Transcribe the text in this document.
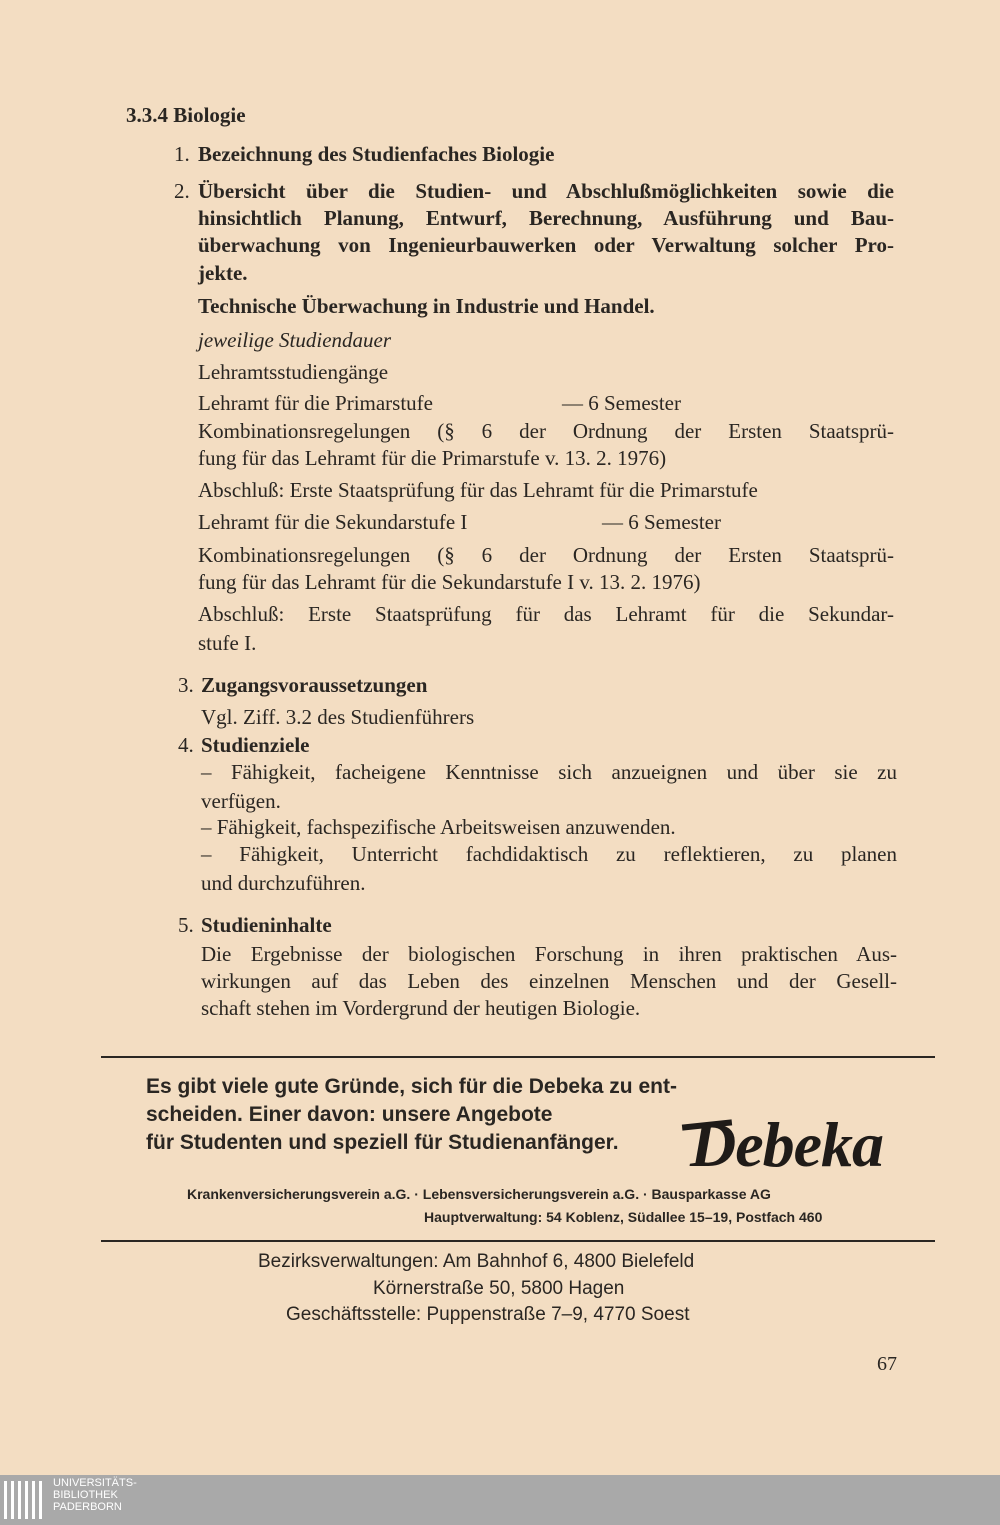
3.3.4 Biologie
1. Bezeichnung des Studienfaches Biologie
2. Übersicht über die Studien- und Abschlußmöglichkeiten sowie die
hinsichtlich Planung, Entwurf, Berechnung, Ausführung und Bau-
überwachung von Ingenieurbauwerken oder Verwaltung solcher Pro-
jekte.
Technische Überwachung in Industrie und Handel.
jeweilige Studiendauer
Lehramtsstudiengänge
Lehramt für die Primarstufe	— 6 Semester
Kombinationsregelungen (§ 6 der Ordnung der Ersten Staatsprü-
fung für das Lehramt für die Primarstufe v. 13. 2. 1976)
Abschluß: Erste Staatsprüfung für das Lehramt für die Primarstufe
Lehramt für die Sekundarstufe I	— 6 Semester
Kombinationsregelungen (§ 6 der Ordnung der Ersten Staatsprü-
fung für das Lehramt für die Sekundarstufe I v. 13. 2. 1976)
Abschluß: Erste Staatsprüfung für das Lehramt für die Sekundar-
stufe I.
3. Zugangsvoraussetzungen
Vgl. Ziff. 3.2 des Studienführers
4. Studienziele
– Fähigkeit, facheigene Kenntnisse sich anzueignen und über sie zu
verfügen.
– Fähigkeit, fachspezifische Arbeitsweisen anzuwenden.
– Fähigkeit, Unterricht fachdidaktisch zu reflektieren, zu planen
und durchzuführen.
5. Studieninhalte
Die Ergebnisse der biologischen Forschung in ihren praktischen Aus-
wirkungen auf das Leben des einzelnen Menschen und der Gesell-
schaft stehen im Vordergrund der heutigen Biologie.
Es gibt viele gute Gründe, sich für die Debeka zu ent-
scheiden. Einer davon: unsere Angebote
für Studenten und speziell für Studienanfänger. Debeka
Krankenversicherungsverein a.G. · Lebensversicherungsverein a.G. · Bausparkasse AG
Hauptverwaltung: 54 Koblenz, Südallee 15–19, Postfach 460
Bezirksverwaltungen: Am Bahnhof 6, 4800 Bielefeld
Körnerstraße 50, 5800 Hagen
Geschäftsstelle: Puppenstraße 7–9, 4770 Soest
67
UNIVERSITÄTS-
BIBLIOTHEK
PADERBORN
